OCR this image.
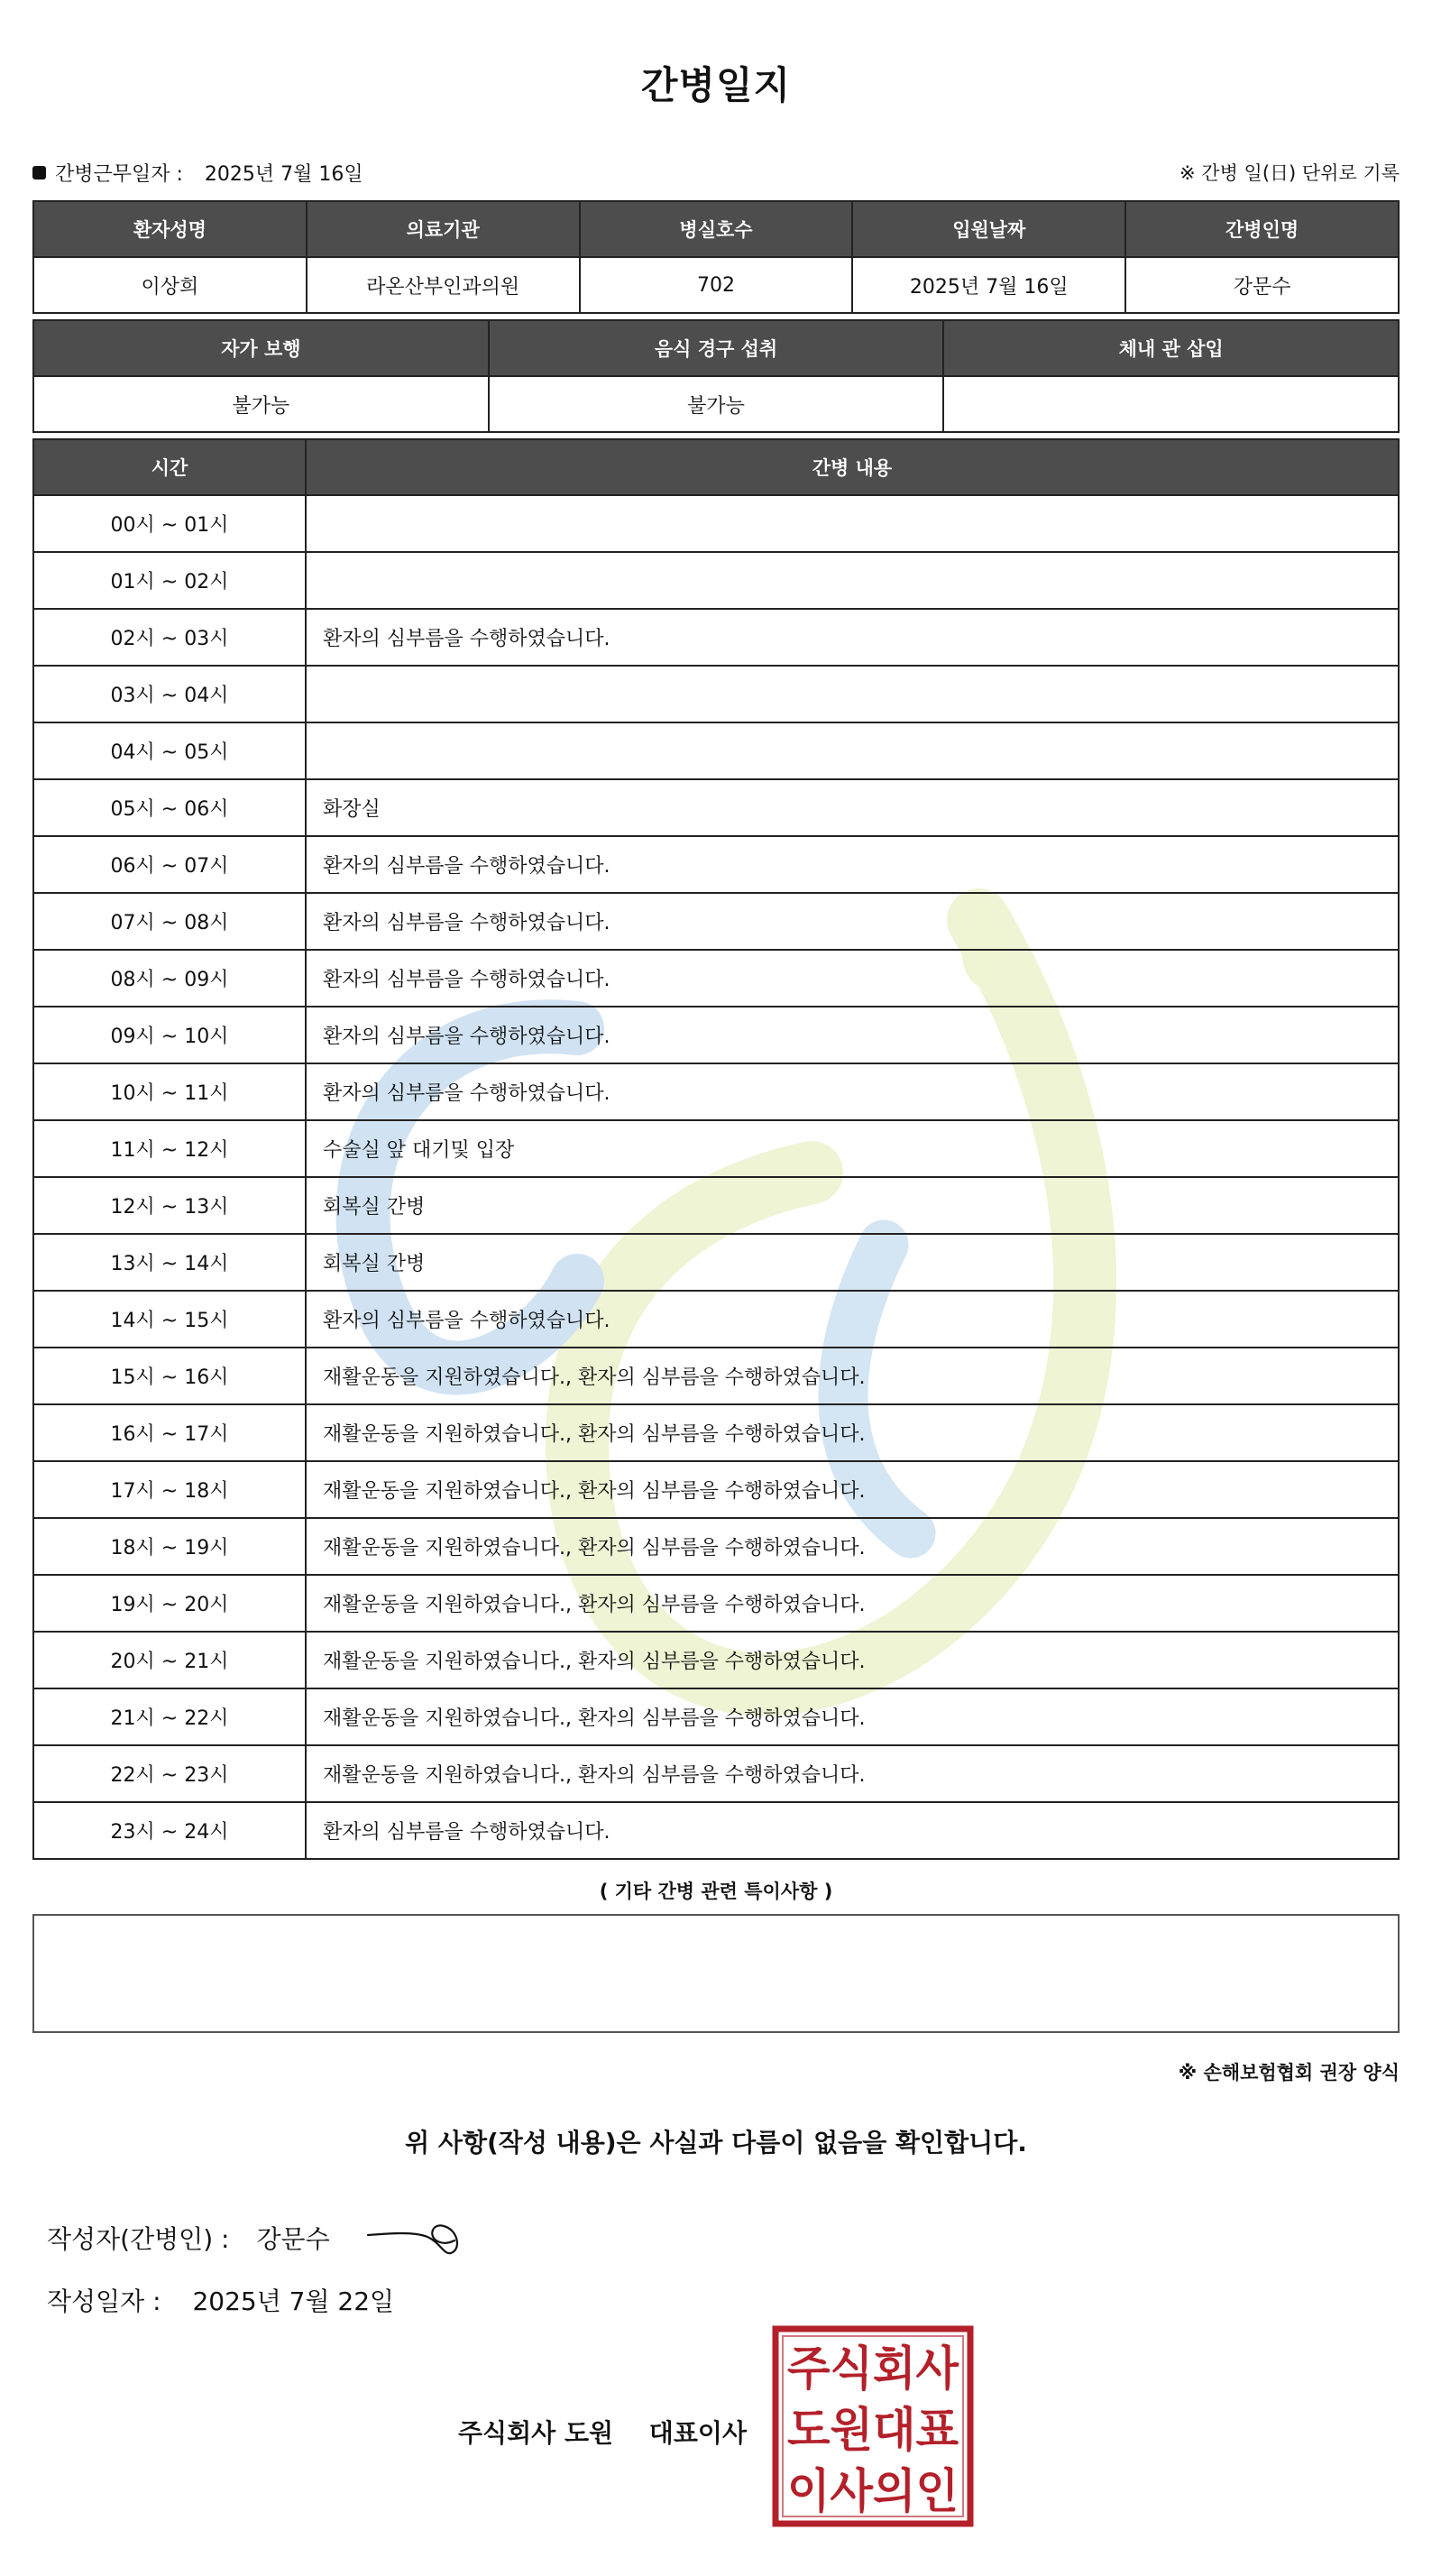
간병일지
간병근무일자 : 2025년 7월 16일	※ 간병 일(日) 단위로 기록
환자성명	의료기관	병실호수	입원날짜	간병인명
이상희	라온산부인과의원	702	2025년 7월 16일	강문수
자가 보행	음식 경구 섭취	체내 관 삽입
불가능	불가능	
시간	간병 내용
00시 ~ 01시	
01시 ~ 02시	
02시 ~ 03시	환자의 심부름을 수행하였습니다.
03시 ~ 04시	
04시 ~ 05시	
05시 ~ 06시	화장실
06시 ~ 07시	환자의 심부름을 수행하였습니다.
07시 ~ 08시	환자의 심부름을 수행하였습니다.
08시 ~ 09시	환자의 심부름을 수행하였습니다.
09시 ~ 10시	환자의 심부름을 수행하였습니다.
10시 ~ 11시	환자의 심부름을 수행하였습니다.
11시 ~ 12시	수술실 앞 대기및 입장
12시 ~ 13시	회복실 간병
13시 ~ 14시	회복실 간병
14시 ~ 15시	환자의 심부름을 수행하였습니다.
15시 ~ 16시	재활운동을 지원하였습니다., 환자의 심부름을 수행하였습니다.
16시 ~ 17시	재활운동을 지원하였습니다., 환자의 심부름을 수행하였습니다.
17시 ~ 18시	재활운동을 지원하였습니다., 환자의 심부름을 수행하였습니다.
18시 ~ 19시	재활운동을 지원하였습니다., 환자의 심부름을 수행하였습니다.
19시 ~ 20시	재활운동을 지원하였습니다., 환자의 심부름을 수행하였습니다.
20시 ~ 21시	재활운동을 지원하였습니다., 환자의 심부름을 수행하였습니다.
21시 ~ 22시	재활운동을 지원하였습니다., 환자의 심부름을 수행하였습니다.
22시 ~ 23시	재활운동을 지원하였습니다., 환자의 심부름을 수행하였습니다.
23시 ~ 24시	환자의 심부름을 수행하였습니다.
( 기타 간병 관련 특이사항 )
※ 손해보험협회 권장 양식
위 사항(작성 내용)은 사실과 다름이 없음을 확인합니다.
작성자(간병인) : 강문수
작성일자 : 2025년 7월 22일
주식회사 도원 대표이사
주식회사
도원대표
이사의인
